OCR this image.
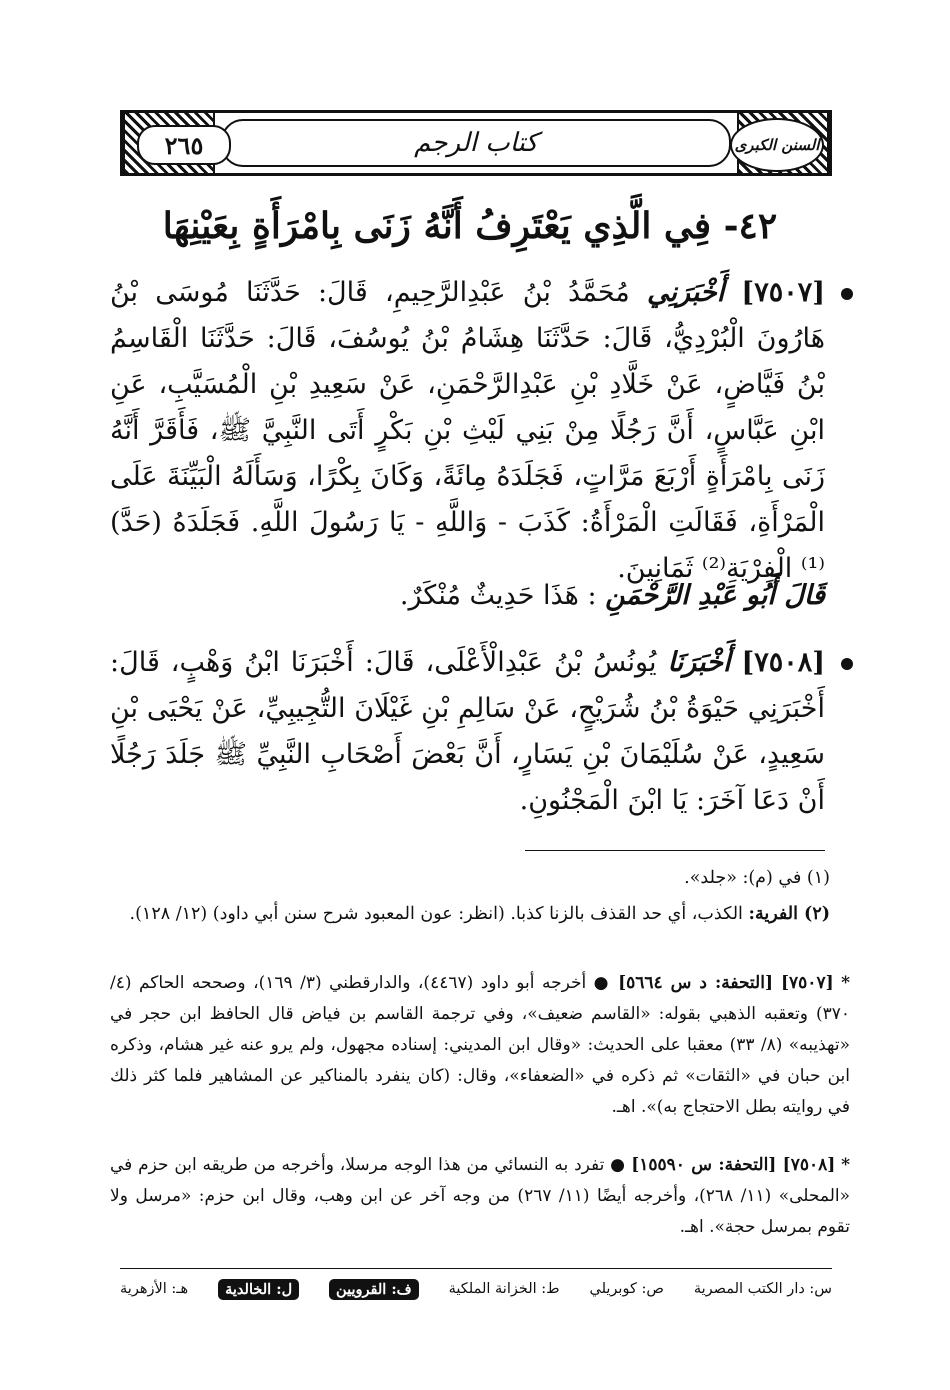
كتاب الرجم
٢٦٥	السنن الكبرى
٤٢- فِي الَّذِي يَعْتَرِفُ أَنَّهُ زَنَى بِامْرَأَةٍ بِعَيْنِهَا
[٧٥٠٧] أَخْبَرَنِي مُحَمَّدُ بْنُ عَبْدِالرَّحِيمِ، قَالَ: حَدَّثَنَا مُوسَى بْنُ هَارُونَ الْبُرْدِيُّ، قَالَ: حَدَّثَنَا هِشَامُ بْنُ يُوسُفَ، قَالَ: حَدَّثَنَا الْقَاسِمُ بْنُ فَيَّاضٍ، عَنْ خَلَّادِ بْنِ عَبْدِالرَّحْمَنِ، عَنْ سَعِيدِ بْنِ الْمُسَيَّبِ، عَنِ ابْنِ عَبَّاسٍ، أَنَّ رَجُلًا مِنْ بَنِي لَيْثِ بْنِ بَكْرٍ أَتَى النَّبِيَّ ﷺ، فَأَقَرَّ أَنَّهُ زَنَى بِامْرَأَةٍ أَرْبَعَ مَرَّاتٍ، فَجَلَدَهُ مِائَةً، وَكَانَ بِكْرًا، وَسَأَلَهُ الْبَيِّنَةَ عَلَى الْمَرْأَةِ، فَقَالَتِ الْمَرْأَةُ: كَذَبَ - وَاللَّهِ - يَا رَسُولَ اللَّهِ. فَجَلَدَهُ (حَدَّ)⁽¹⁾ الْفِرْيَةِ⁽²⁾ ثَمَانِينَ.
قَالَ أَبُو عَبْدِ الرَّحْمَنِ : هَذَا حَدِيثٌ مُنْكَرٌ.
[٧٥٠٨] أَخْبَرَنَا يُونُسُ بْنُ عَبْدِالْأَعْلَى، قَالَ: أَخْبَرَنَا ابْنُ وَهْبٍ، قَالَ: أَخْبَرَنِي حَيْوَةُ بْنُ شُرَيْحٍ، عَنْ سَالِمِ بْنِ غَيْلَانَ التُّجِيبِيِّ، عَنْ يَحْيَى بْنِ سَعِيدٍ، عَنْ سُلَيْمَانَ بْنِ يَسَارٍ، أَنَّ بَعْضَ أَصْحَابِ النَّبِيِّ ﷺ جَلَدَ رَجُلًا أَنْ دَعَا آخَرَ: يَا ابْنَ الْمَجْنُونِ.
(١) في (م): «جلد».
(٢) الفرية: الكذب، أي حد القذف بالزنا كذبا. (انظر: عون المعبود شرح سنن أبي داود) (١٢/ ١٢٨).
* [٧٥٠٧] [التحفة: د س ٥٦٦٤] ● أخرجه أبو داود (٤٤٦٧)، والدارقطني (٣/ ١٦٩)، وصححه الحاكم (٤/ ٣٧٠) وتعقبه الذهبي بقوله: «القاسم ضعيف»، وفي ترجمة القاسم بن فياض قال الحافظ ابن حجر في «تهذيبه» (٨/ ٣٣) معقبا على الحديث: «وقال ابن المديني: إسناده مجهول، ولم يرو عنه غير هشام، وذكره ابن حبان في «الثقات» ثم ذكره في «الضعفاء»، وقال: (كان ينفرد بالمناكير عن المشاهير فلما كثر ذلك في روايته بطل الاحتجاج به)». اهـ.
* [٧٥٠٨] [التحفة: س ١٥٥٩٠] ● تفرد به النسائي من هذا الوجه مرسلا، وأخرجه من طريقه ابن حزم في «المحلى» (١١/ ٢٦٨)، وأخرجه أيضًا (١١/ ٢٦٧) من وجه آخر عن ابن وهب، وقال ابن حزم: «مرسل ولا تقوم بمرسل حجة». اهـ.
س: دار الكتب المصرية
ص: كوبريلي
ط: الخزانة الملكية
ف: القرويين
ل: الخالدية
هـ: الأزهرية
